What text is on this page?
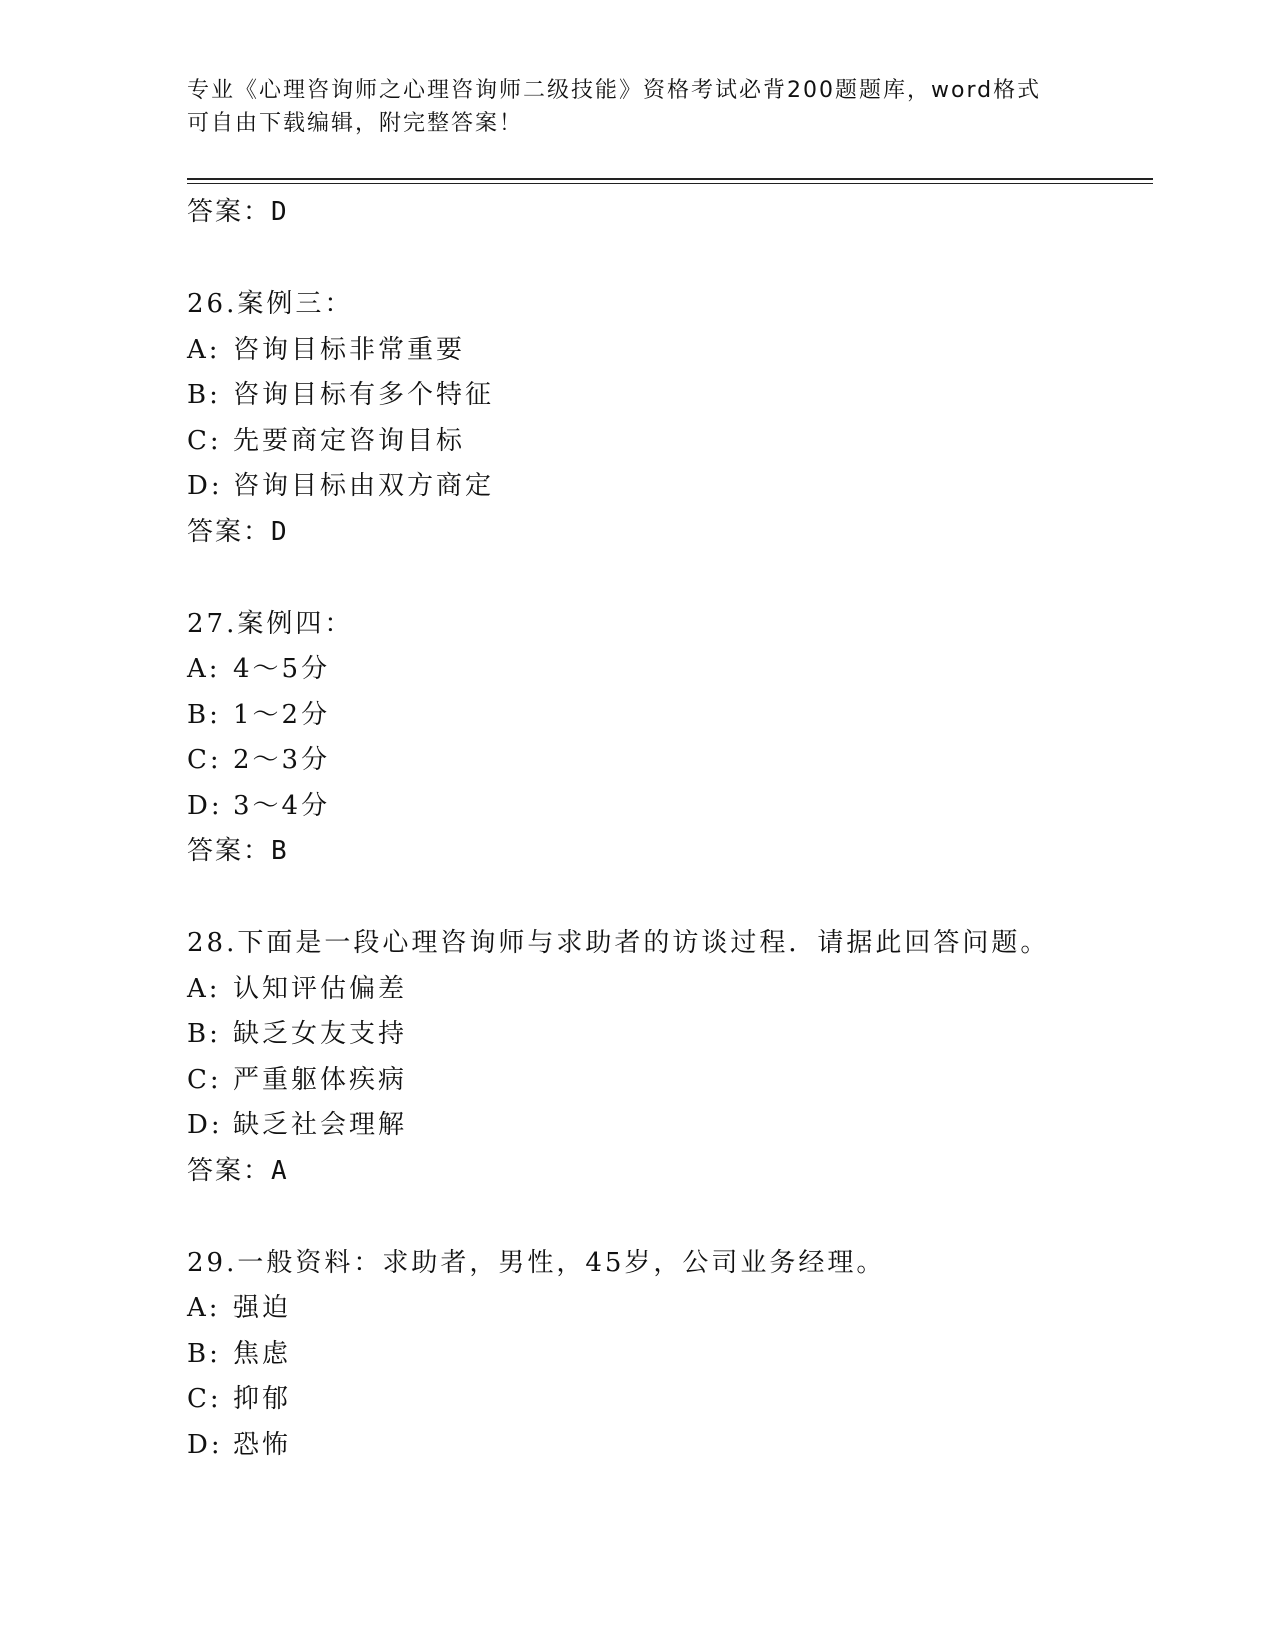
专业《心理咨询师之心理咨询师二级技能》资格考试必背200题题库，word格式
可自由下载编辑，附完整答案！
答案：D
26.案例三：
A: 咨询目标非常重要
B: 咨询目标有多个特征
C: 先要商定咨询目标
D: 咨询目标由双方商定
答案：D
27.案例四：
A: 4～5分
B: 1～2分
C: 2～3分
D: 3～4分
答案：B
28.下面是一段心理咨询师与求助者的访谈过程．请据此回答问题。
A: 认知评估偏差
B: 缺乏女友支持
C: 严重躯体疾病
D: 缺乏社会理解
答案：A
29.一般资料：求助者，男性，45岁，公司业务经理。
A: 强迫
B: 焦虑
C: 抑郁
D: 恐怖
